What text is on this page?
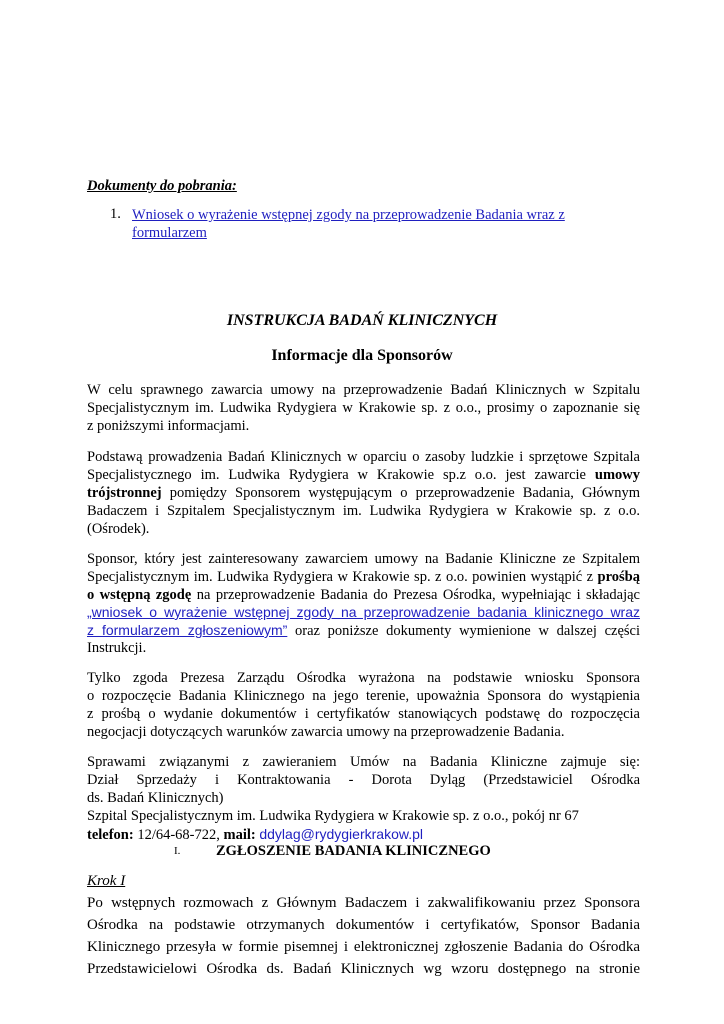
Dokumenty do pobrania:
1. Wniosek o wyrażenie wstępnej zgody na przeprowadzenie Badania wraz z
formularzem
INSTRUKCJA BADAŃ KLINICZNYCH
Informacje dla Sponsorów
W celu sprawnego zawarcia umowy na przeprowadzenie Badań Klinicznych w Szpitalu
Specjalistycznym im. Ludwika Rydygiera w Krakowie sp. z o.o., prosimy o zapoznanie się
z poniższymi informacjami.
Podstawą prowadzenia Badań Klinicznych w oparciu o zasoby ludzkie i sprzętowe Szpitala
Specjalistycznego im. Ludwika Rydygiera w Krakowie sp.z o.o. jest zawarcie umowy
trójstronnej pomiędzy Sponsorem występującym o przeprowadzenie Badania, Głównym
Badaczem i Szpitalem Specjalistycznym im. Ludwika Rydygiera w Krakowie sp. z o.o.
(Ośrodek).
Sponsor, który jest zainteresowany zawarciem umowy na Badanie Kliniczne ze Szpitalem
Specjalistycznym im. Ludwika Rydygiera w Krakowie sp. z o.o. powinien wystąpić z prośbą
o wstępną zgodę na przeprowadzenie Badania do Prezesa Ośrodka, wypełniając i składając
„wniosek o wyrażenie wstępnej zgody na przeprowadzenie badania klinicznego wraz
z formularzem zgłoszeniowym” oraz poniższe dokumenty wymienione w dalszej części
Instrukcji.
Tylko zgoda Prezesa Zarządu Ośrodka wyrażona na podstawie wniosku Sponsora
o rozpoczęcie Badania Klinicznego na jego terenie, upoważnia Sponsora do wystąpienia
z prośbą o wydanie dokumentów i certyfikatów stanowiących podstawę do rozpoczęcia
negocjacji dotyczących warunków zawarcia umowy na przeprowadzenie Badania.
Sprawami związanymi z zawieraniem Umów na Badania Kliniczne zajmuje się:
Dział Sprzedaży i Kontraktowania - Dorota Dyląg (Przedstawiciel Ośrodka
ds. Badań Klinicznych)
Szpital Specjalistycznym im. Ludwika Rydygiera w Krakowie sp. z o.o., pokój nr 67
telefon: 12/64-68-722, mail: ddylag@rydygierkrakow.pl
I. ZGŁOSZENIE BADANIA KLINICZNEGO
Krok I
Po wstępnych rozmowach z Głównym Badaczem i zakwalifikowaniu przez Sponsora
Ośrodka na podstawie otrzymanych dokumentów i certyfikatów, Sponsor Badania
Klinicznego przesyła w formie pisemnej i elektronicznej zgłoszenie Badania do Ośrodka
Przedstawicielowi Ośrodka ds. Badań Klinicznych wg wzoru dostępnego na stronie
